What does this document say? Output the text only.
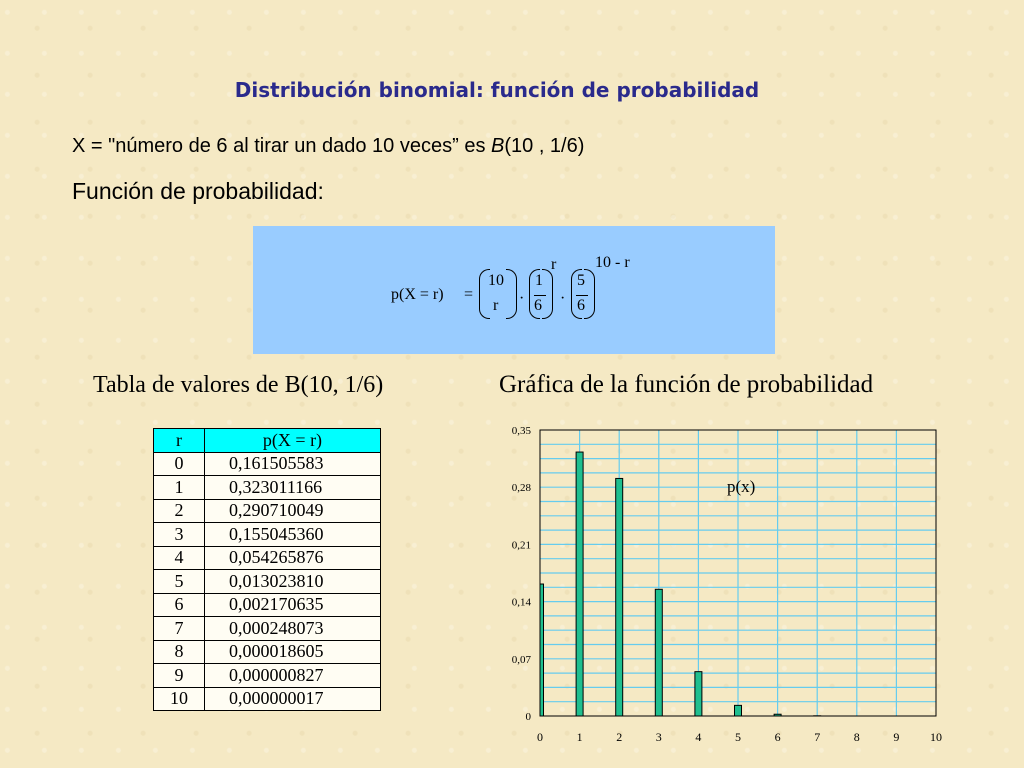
Distribución binomial: función de probabilidad
X = "número de 6 al tirar un dado 10 veces” es B(10 , 1/6)
Función de probabilidad:
p(X = r) =
10
r ·
1
6
r
·
5
6
10 - r
Tabla de valores de B(10, 1/6)	Gráfica de la función de probabilidad
r	p(X = r)
0	0,161505583
1	0,323011166
2	0,290710049
3	0,155045360
4	0,054265876
5	0,013023810
6	0,002170635
7	0,000248073
8	0,000018605
9	0,000000827
10	0,000000017
0
0,07
0,14
0,21
0,28
0,35
0	1	2	3	4	5	6	7	8	9	10
p(x)
